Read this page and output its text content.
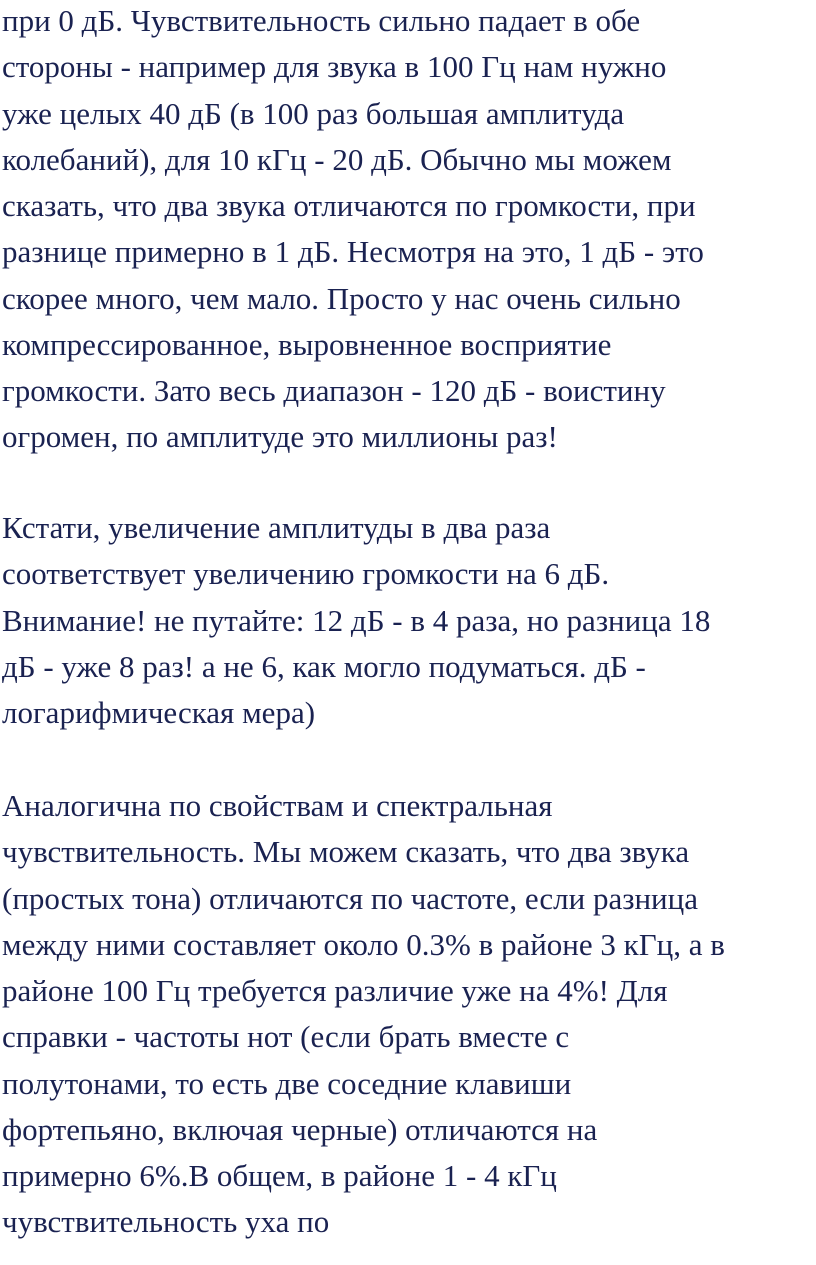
при 0 дБ. Чувствительность сильно падает в обе
стороны - например для звука в 100 Гц нам нужно
уже целых 40 дБ (в 100 раз большая амплитуда
колебаний), для 10 кГц - 20 дБ. Обычно мы можем
сказать, что два звука отличаются по громкости, при
разнице примерно в 1 дБ. Несмотря на это, 1 дБ - это
скорее много, чем мало. Просто у нас очень сильно
компрессированное, выровненное восприятие
громкости. Зато весь диапазон - 120 дБ - воистину
огромен, по амплитуде это миллионы раз!
Кстати, увеличение амплитуды в два раза
соответствует увеличению громкости на 6 дБ.
Внимание! не путайте: 12 дБ - в 4 раза, но разница 18
дБ - уже 8 раз! а не 6, как могло подуматься. дБ -
логарифмическая мера)
Аналогична по свойствам и спектральная
чувствительность. Мы можем сказать, что два звука
(простых тона) отличаются по частоте, если разница
между ними составляет около 0.3% в районе 3 кГц, а в
районе 100 Гц требуется различие уже на 4%! Для
справки - частоты нот (если брать вместе с
полутонами, то есть две соседние клавиши
фортепьяно, включая черные) отличаются на
примерно 6%.В общем, в районе 1 - 4 кГц
чувствительность уха по
